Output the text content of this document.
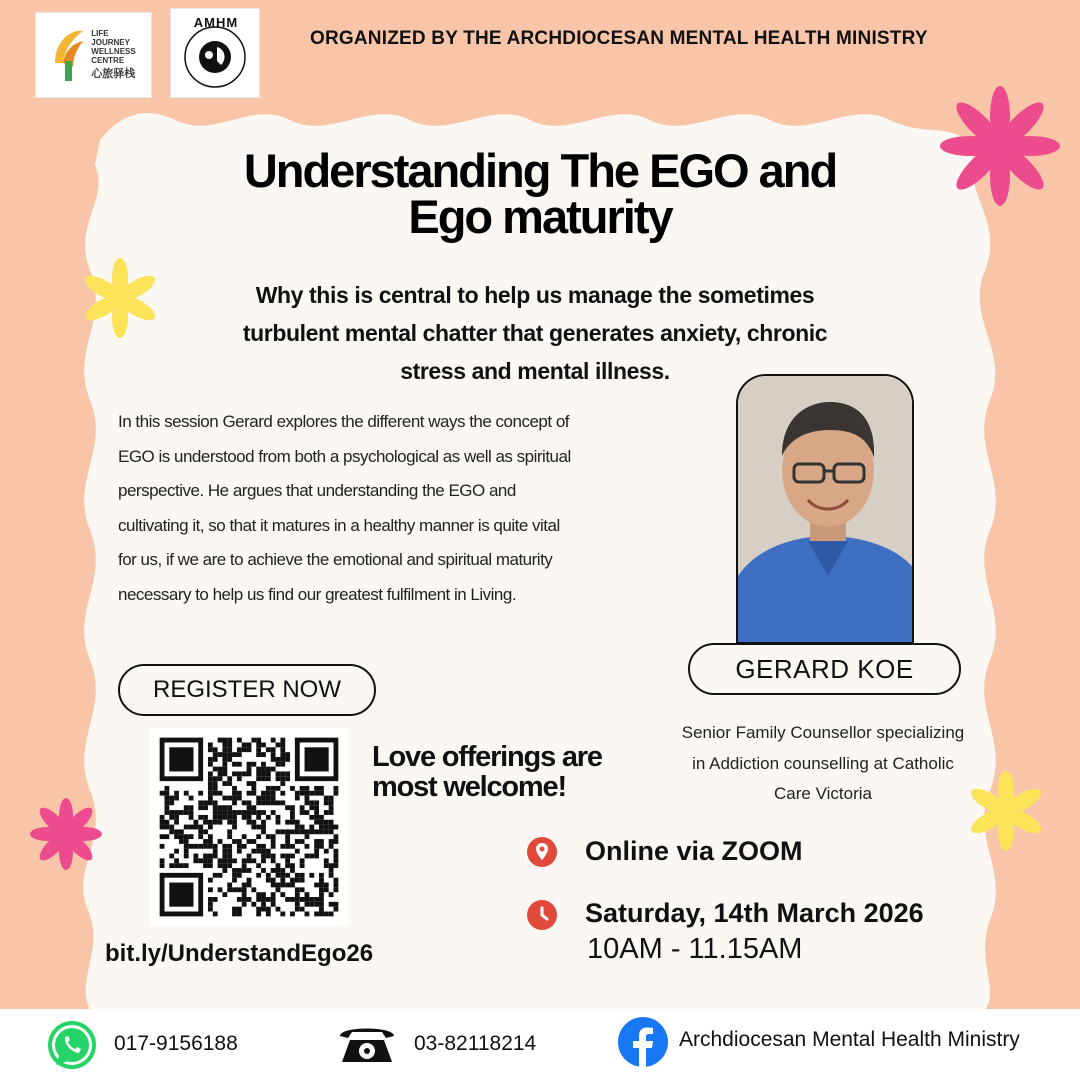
LIFE
JOURNEY
WELLNESS
CENTRE
心旅驿栈
AMHM
ORGANIZED BY THE ARCHDIOCESAN MENTAL HEALTH MINISTRY
Understanding The EGO and
Ego maturity
Why this is central to help us manage the sometimes
turbulent mental chatter that generates anxiety, chronic
stress and mental illness.
In this session Gerard explores the different ways the concept of
EGO is understood from both a psychological as well as spiritual
perspective. He argues that understanding the EGO and
cultivating it, so that it matures in a healthy manner is quite vital
for us, if we are to achieve the emotional and spiritual maturity
necessary to help us find our greatest fulfilment in Living.
GERARD KOE
Senior Family Counsellor specializing
in Addiction counselling at Catholic
Care Victoria
REGISTER NOW
Love offerings are
most welcome!
bit.ly/UnderstandEgo26
Online via ZOOM
Saturday, 14th March 2026
10AM - 11.15AM
017-9156188	03-82118214	Archdiocesan Mental Health Ministry
